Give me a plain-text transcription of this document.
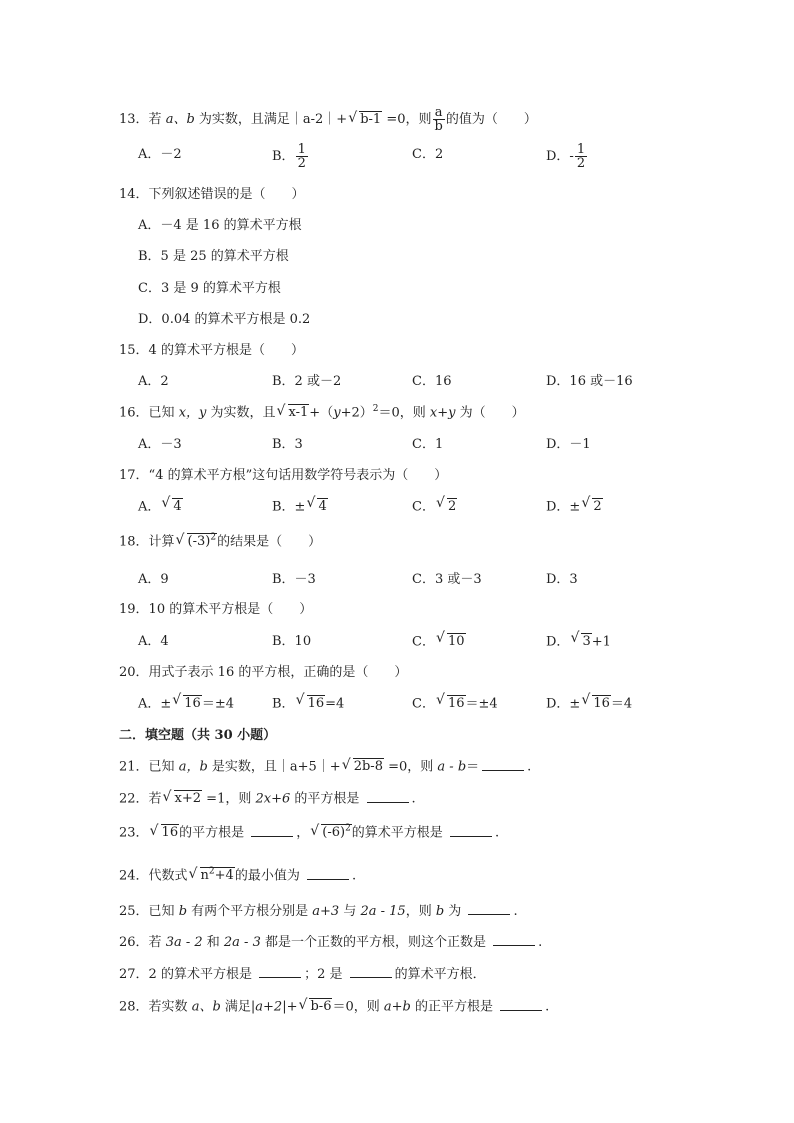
13．若 a、b 为实数，且满足｜a-2｜+ √ b-1 =0，则 $\frac{a}{b}$ 的值为（　　）
A．－2	B． $\frac{1}{2}$	C．2	D．- $\frac{1}{2}$
14．下列叙述错误的是（　　）
A．－4 是 16 的算术平方根
B．5 是 25 的算术平方根
C．3 是 9 的算术平方根
D．0.04 的算术平方根是 0.2
15．4 的算术平方根是（　　）
A．2	B．2 或－2	C．16	D．16 或－16
16．已知 x，y 为实数，且 √ $x-1+(y+2)^2=0$，则 x+y 为（　　）
A．－3	B．3	C．1	D．－1
17．“4 的算术平方根”这句话用数学符号表示为（　　）
A． √ 4	B．± √ 4	C． √ 2	D．± √ 2
18．计算 √ $(-3)^2$的结果是（　　）
A．9	B．－3	C．3 或－3	D．3
19．10 的算术平方根是（　　）
A．4	B．10	C． √ 10	D． √ 3+1
20．用式子表示 16 的平方根，正确的是（　　）
A．± √ 16＝±4	B． √ 16=4	C． √ 16＝±4	D．± √ 16＝4
二．填空题（共 30 小题）
21．已知 a，b 是实数，且｜a+5｜+ √ 2b-8 =0，则 a - b＝	.
22．若 √ x+2 =1，则 2x+6 的平方根是	.
23． √ 16的平方根是	， √ $(-6)^2$的算术平方根是	.
24．代数式 √ $n^2+4$的最小值为	.
25．已知 b 有两个平方根分别是 a+3 与 2a - 15，则 b 为	.
26．若 3a - 2 和 2a - 3 都是一个正数的平方根，则这个正数是	.
27．2 的算术平方根是	；2 是	的算术平方根．
28．若实数 a、b 满足|a+2|+ √ b-6＝0，则 a+b 的正平方根是	.
